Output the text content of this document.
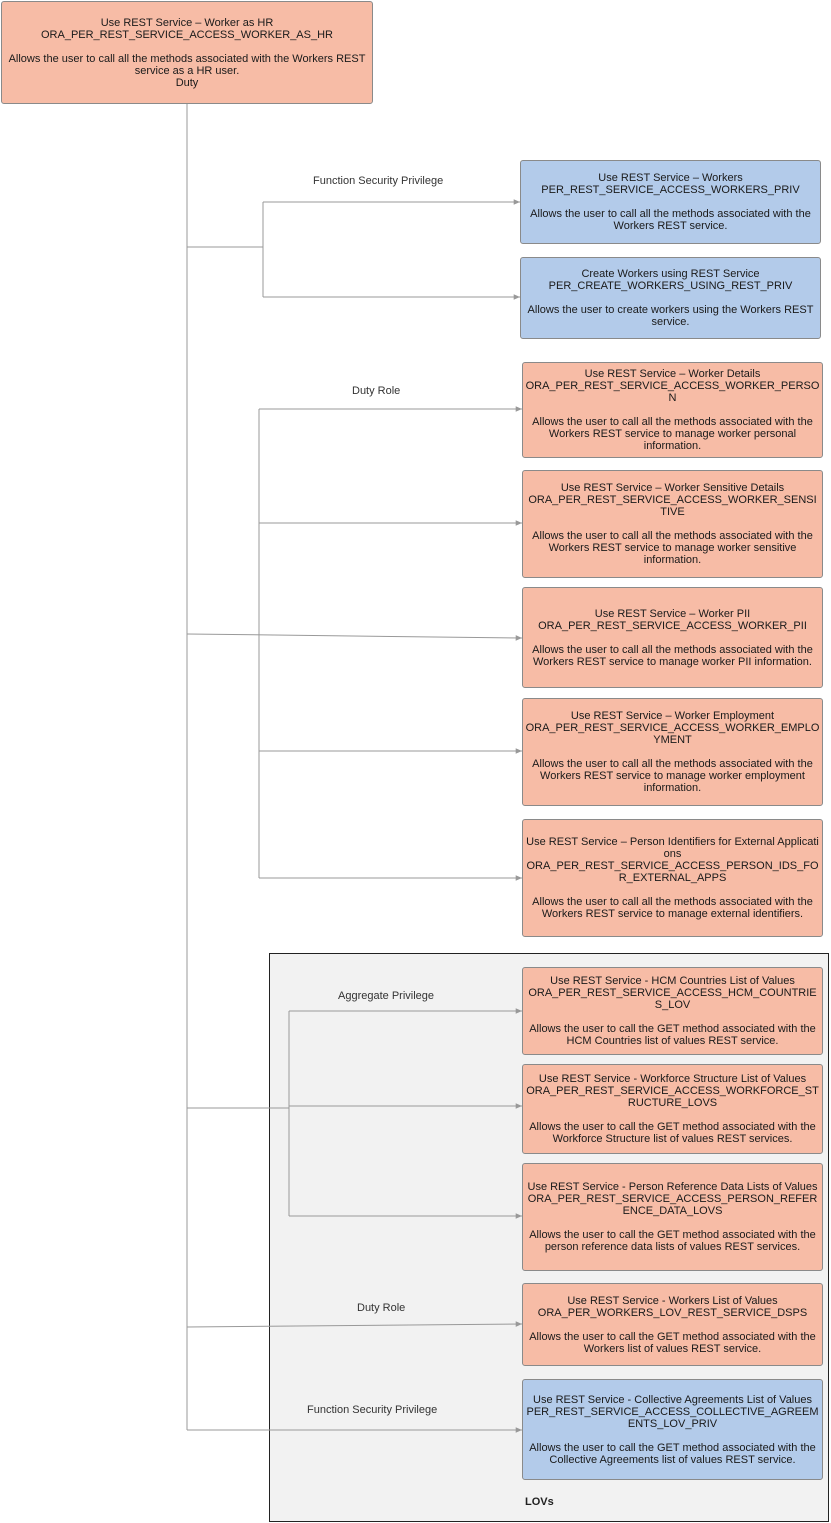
LOVs
Use REST Service – Worker as HR
ORA_PER_REST_SERVICE_ACCESS_WORKER_AS_HR
Allows the user to call all the methods associated with the Workers REST service as a HR user.
Duty
Function Security Privilege
Duty Role
Aggregate Privilege
Duty Role
Function Security Privilege
Use REST Service – Workers
PER_REST_SERVICE_ACCESS_WORKERS_PRIV
Allows the user to call all the methods associated with the Workers REST service.
Create Workers using REST Service
PER_CREATE_WORKERS_USING_REST_PRIV
Allows the user to create workers using the Workers REST service.
Use REST Service – Worker Details
ORA_PER_REST_SERVICE_ACCESS_WORKER_PERSON
Allows the user to call all the methods associated with the Workers REST service to manage worker personal information.
Use REST Service – Worker Sensitive Details
ORA_PER_REST_SERVICE_ACCESS_WORKER_SENSITIVE
Allows the user to call all the methods associated with the Workers REST service to manage worker sensitive information.
Use REST Service – Worker PII
ORA_PER_REST_SERVICE_ACCESS_WORKER_PII
Allows the user to call all the methods associated with the Workers REST service to manage worker PII information.
Use REST Service – Worker Employment
ORA_PER_REST_SERVICE_ACCESS_WORKER_EMPLOYMENT
Allows the user to call all the methods associated with the Workers REST service to manage worker employment information.
Use REST Service – Person Identifiers for External Applications
ORA_PER_REST_SERVICE_ACCESS_PERSON_IDS_FOR_EXTERNAL_APPS
Allows the user to call all the methods associated with the Workers REST service to manage external identifiers.
Use REST Service - HCM Countries List of Values
ORA_PER_REST_SERVICE_ACCESS_HCM_COUNTRIES_LOV
Allows the user to call the GET method associated with the HCM Countries list of values REST service.
Use REST Service - Workforce Structure List of Values
ORA_PER_REST_SERVICE_ACCESS_WORKFORCE_STRUCTURE_LOVS
Allows the user to call the GET method associated with the Workforce Structure list of values REST services.
Use REST Service - Person Reference Data Lists of Values
ORA_PER_REST_SERVICE_ACCESS_PERSON_REFERENCE_DATA_LOVS
Allows the user to call the GET method associated with the person reference data lists of values REST services.
Use REST Service - Workers List of Values
ORA_PER_WORKERS_LOV_REST_SERVICE_DSPS
Allows the user to call the GET method associated with the Workers list of values REST service.
Use REST Service - Collective Agreements List of Values
PER_REST_SERVICE_ACCESS_COLLECTIVE_AGREEMENTS_LOV_PRIV
Allows the user to call the GET method associated with the Collective Agreements list of values REST service.
